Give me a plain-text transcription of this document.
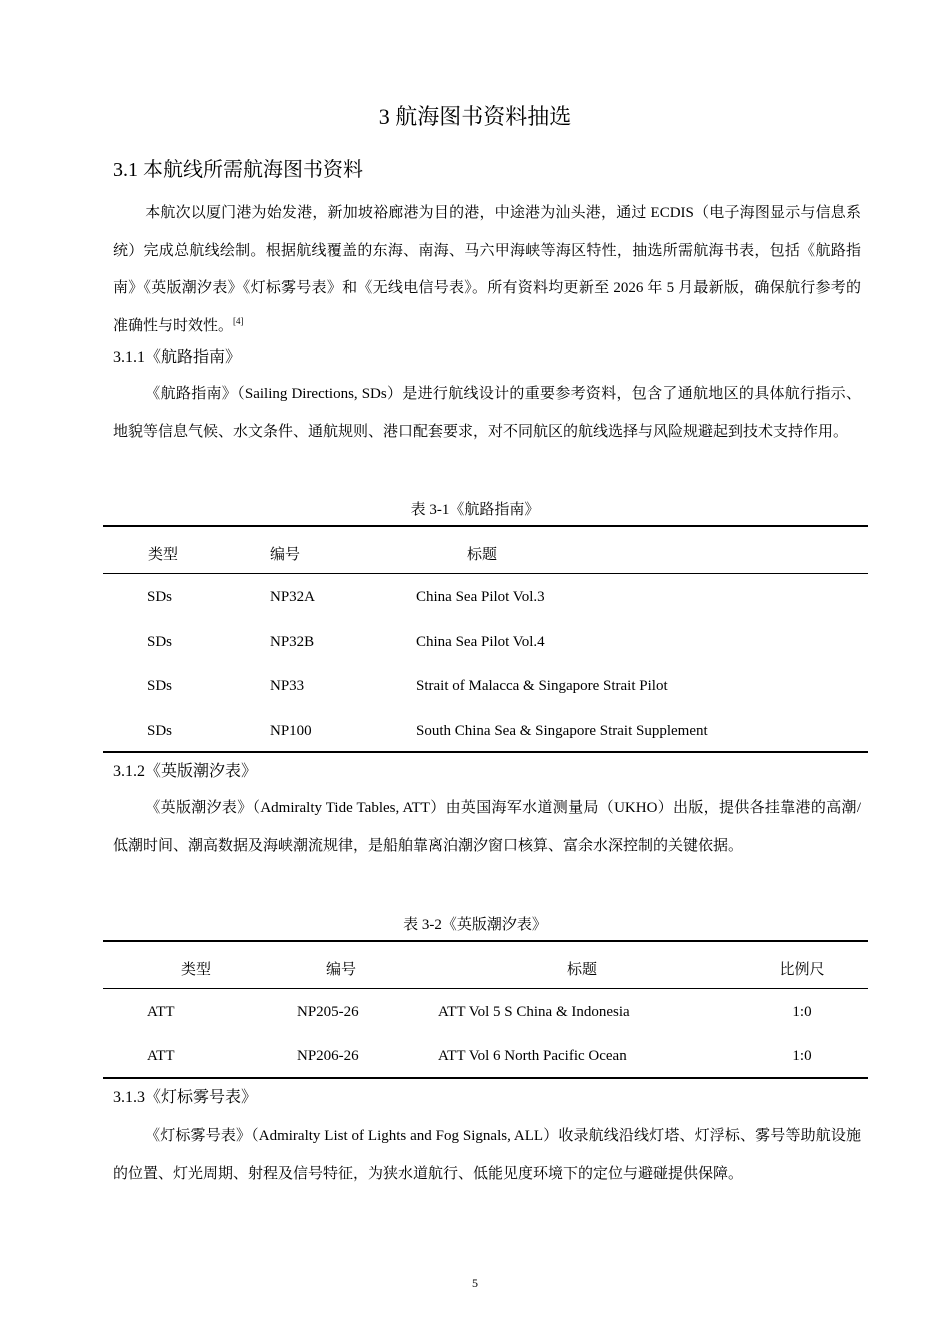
3 航海图书资料抽选
3.1 本航线所需航海图书资料
本航次以厦门港为始发港，新加坡裕廊港为目的港，中途港为汕头港，通过 ECDIS（电子海图显示与信息系统）完成总航线绘制。根据航线覆盖的东海、南海、马六甲海峡等海区特性，抽选所需航海书表，包括《航路指南》《英版潮汐表》《灯标雾号表》和《无线电信号表》。所有资料均更新至 2026 年 5 月最新版，确保航行参考的准确性与时效性。[4]
3.1.1《航路指南》
《航路指南》（Sailing Directions, SDs）是进行航线设计的重要参考资料，包含了通航地区的具体航行指示、地貌等信息气候、水文条件、通航规则、港口配套要求，对不同航区的航线选择与风险规避起到技术支持作用。
表 3-1《航路指南》
类型	编号	标题
SDs	NP32A	China Sea Pilot Vol.3
SDs	NP32B	China Sea Pilot Vol.4
SDs	NP33	Strait of Malacca & Singapore Strait Pilot
SDs	NP100	South China Sea & Singapore Strait Supplement
3.1.2《英版潮汐表》
《英版潮汐表》（Admiralty Tide Tables, ATT）由英国海军水道测量局（UKHO）出版，提供各挂靠港的高潮/低潮时间、潮高数据及海峡潮流规律，是船舶靠离泊潮汐窗口核算、富余水深控制的关键依据。
表 3-2《英版潮汐表》
类型	编号	标题	比例尺
ATT	NP205-26	ATT Vol 5 S China & Indonesia	1:0
ATT	NP206-26	ATT Vol 6 North Pacific Ocean	1:0
3.1.3《灯标雾号表》
《灯标雾号表》（Admiralty List of Lights and Fog Signals, ALL）收录航线沿线灯塔、灯浮标、雾号等助航设施的位置、灯光周期、射程及信号特征，为狭水道航行、低能见度环境下的定位与避碰提供保障。
5
